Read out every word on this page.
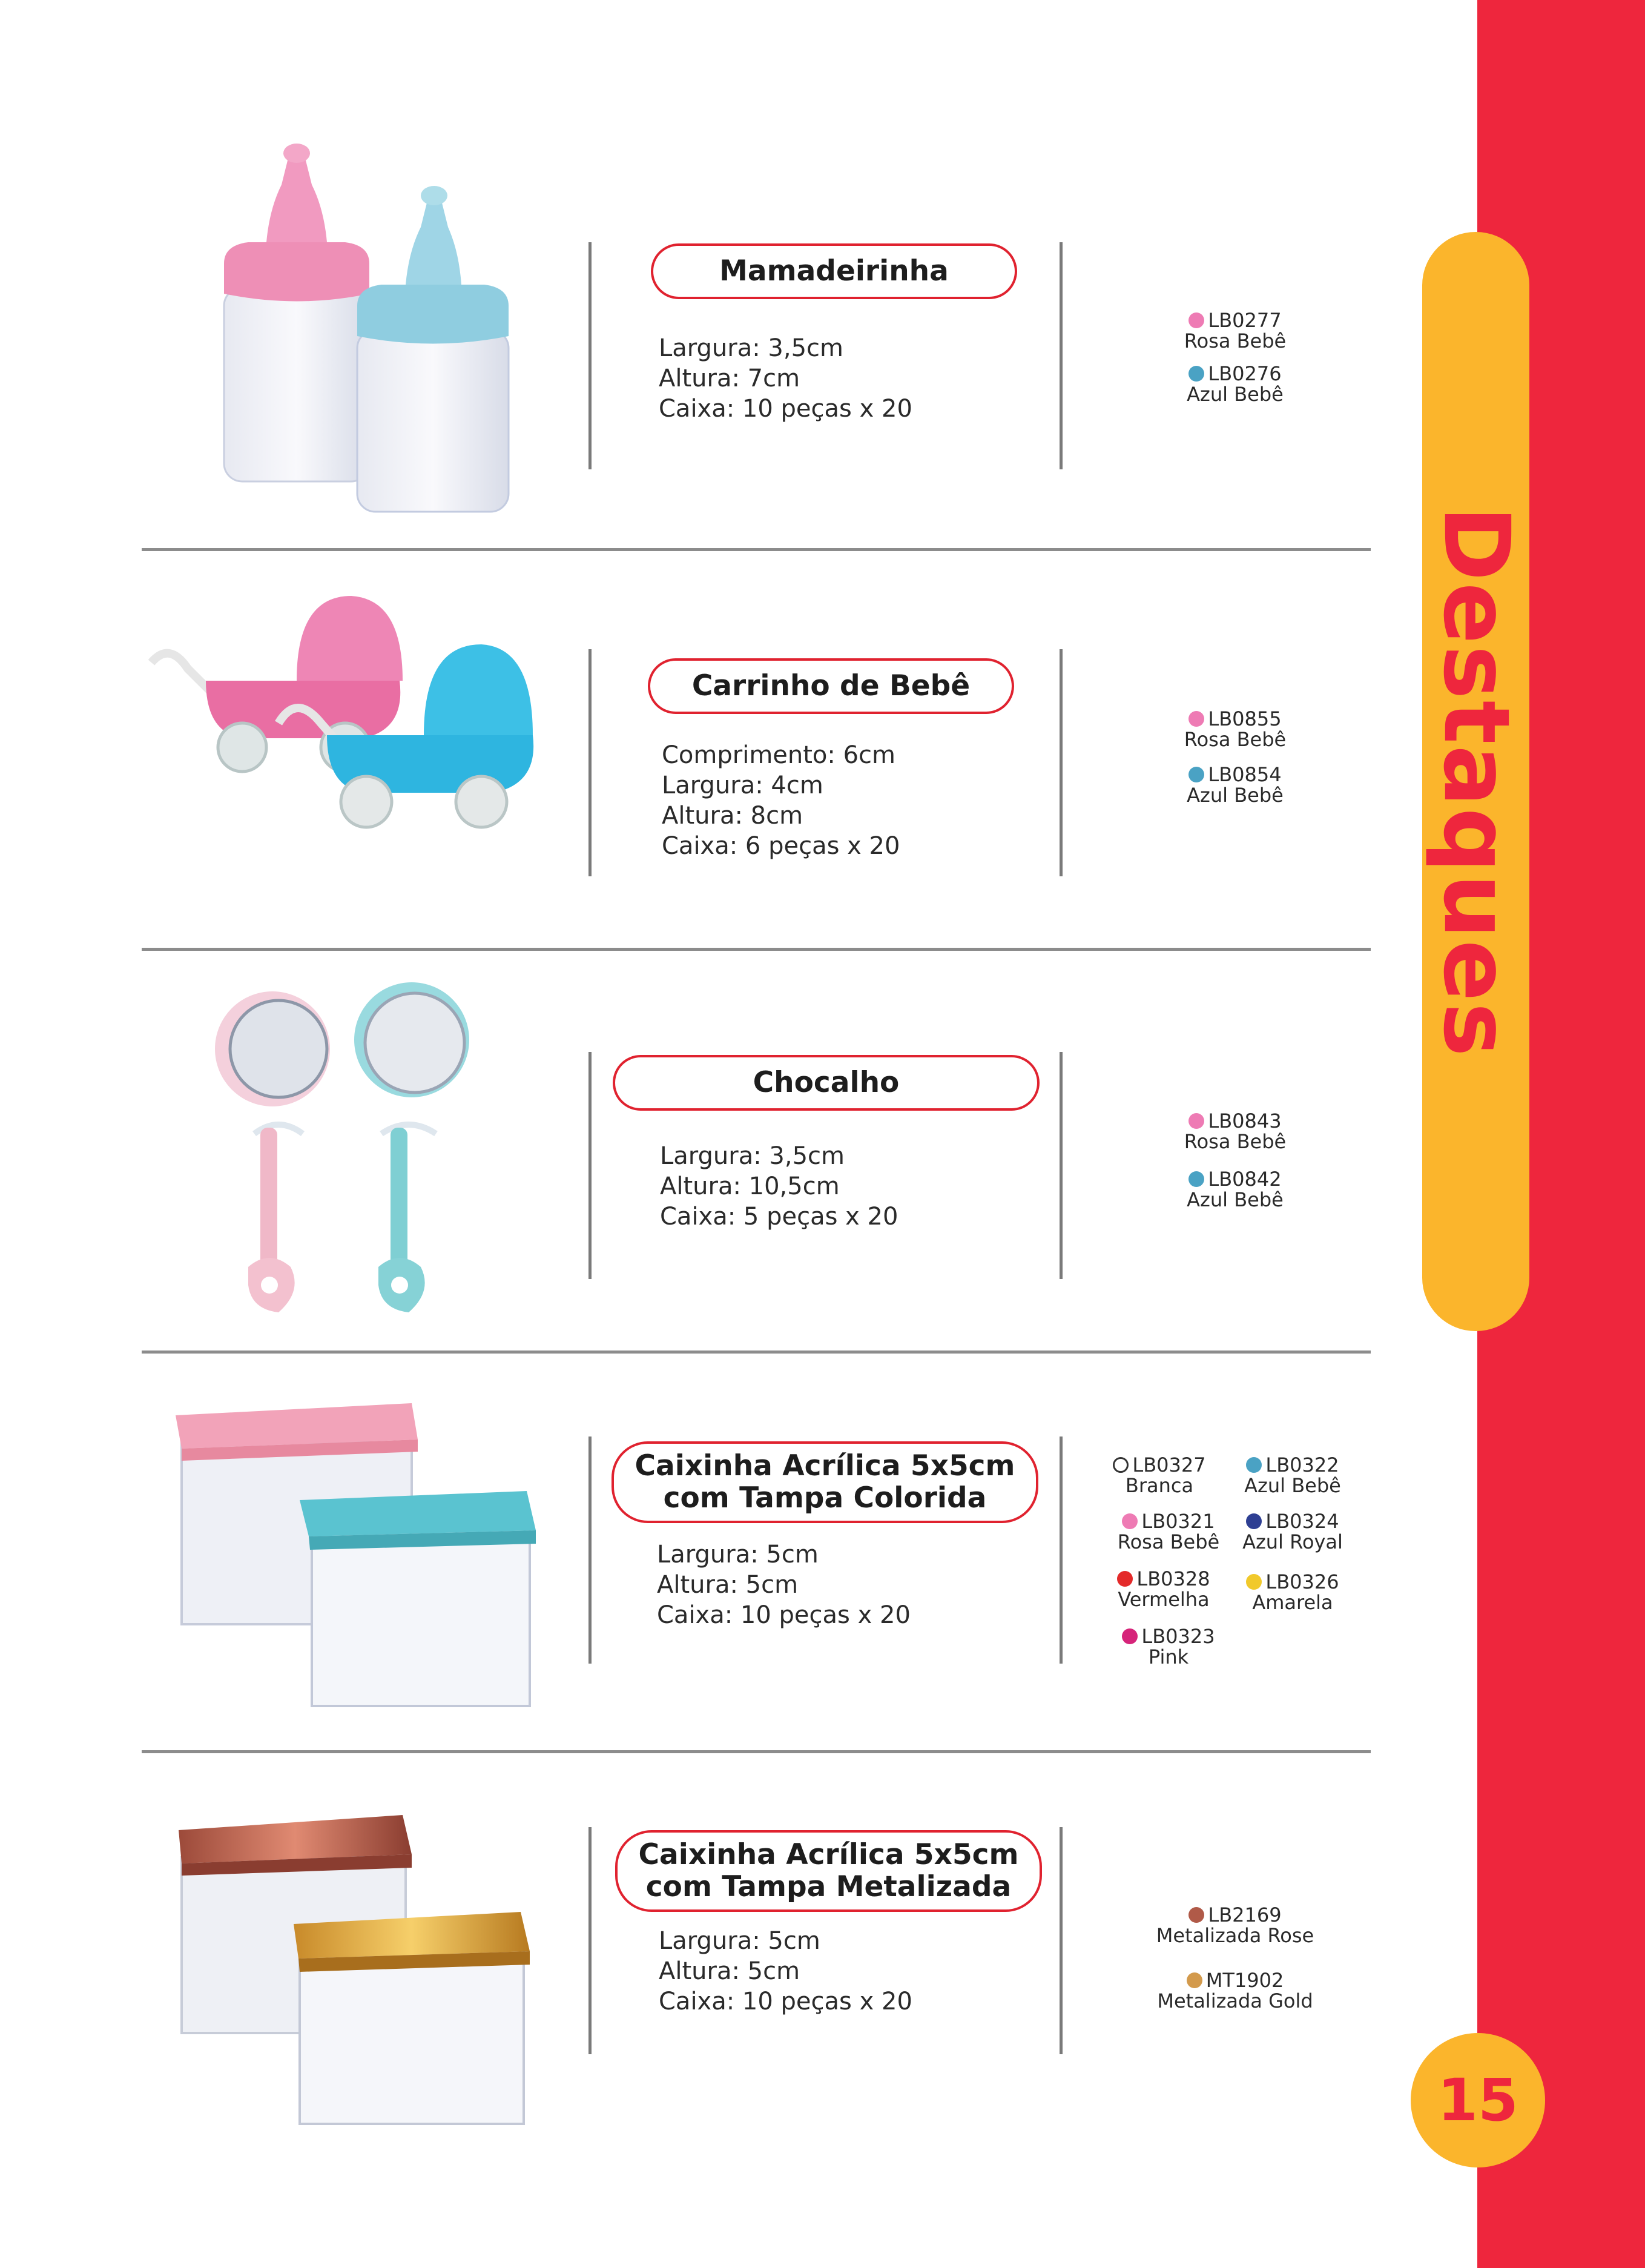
Destaques
15
Mamadeirinha
Largura: 3,5cm
Altura: 7cm
Caixa: 10 peças x 20
LB0277
Rosa Bebê
LB0276
Azul Bebê
Carrinho de Bebê
Comprimento: 6cm
Largura: 4cm
Altura: 8cm
Caixa: 6 peças x 20
LB0855
Rosa Bebê
LB0854
Azul Bebê
Chocalho
Largura: 3,5cm
Altura: 10,5cm
Caixa: 5 peças x 20
LB0843
Rosa Bebê
LB0842
Azul Bebê
Caixinha Acrílica 5x5cm
com Tampa Colorida
Largura: 5cm
Altura: 5cm
Caixa: 10 peças x 20
LB0327
Branca
LB0321
Rosa Bebê
LB0328
Vermelha
LB0323
Pink
LB0322
Azul Bebê
LB0324
Azul Royal
LB0326
Amarela
Caixinha Acrílica 5x5cm
com Tampa Metalizada
Largura: 5cm
Altura: 5cm
Caixa: 10 peças x 20
LB2169
Metalizada Rose
MT1902
Metalizada Gold
